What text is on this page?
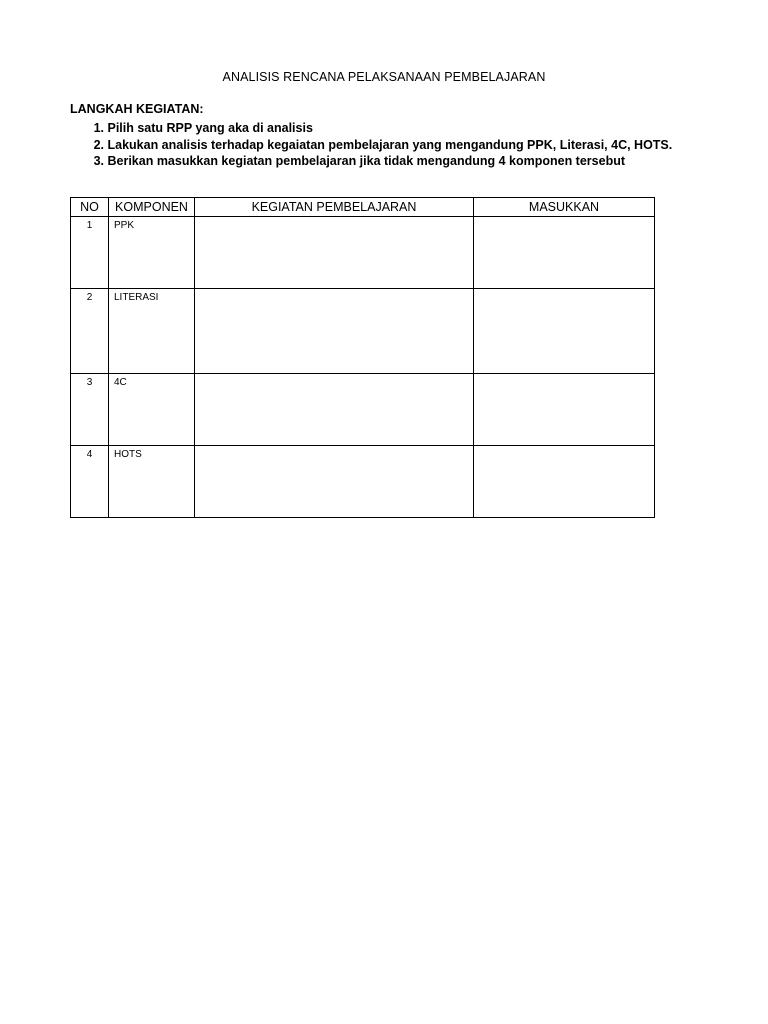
ANALISIS RENCANA PELAKSANAAN PEMBELAJARAN
LANGKAH KEGIATAN:
1. Pilih satu RPP yang aka di analisis
2. Lakukan analisis terhadap kegaiatan pembelajaran yang mengandung PPK, Literasi, 4C, HOTS.
3. Berikan masukkan kegiatan pembelajaran jika tidak mengandung 4 komponen tersebut
NO	KOMPONEN	KEGIATAN PEMBELAJARAN	MASUKKAN
1	PPK		
2	LITERASI		
3	4C		
4	HOTS		
